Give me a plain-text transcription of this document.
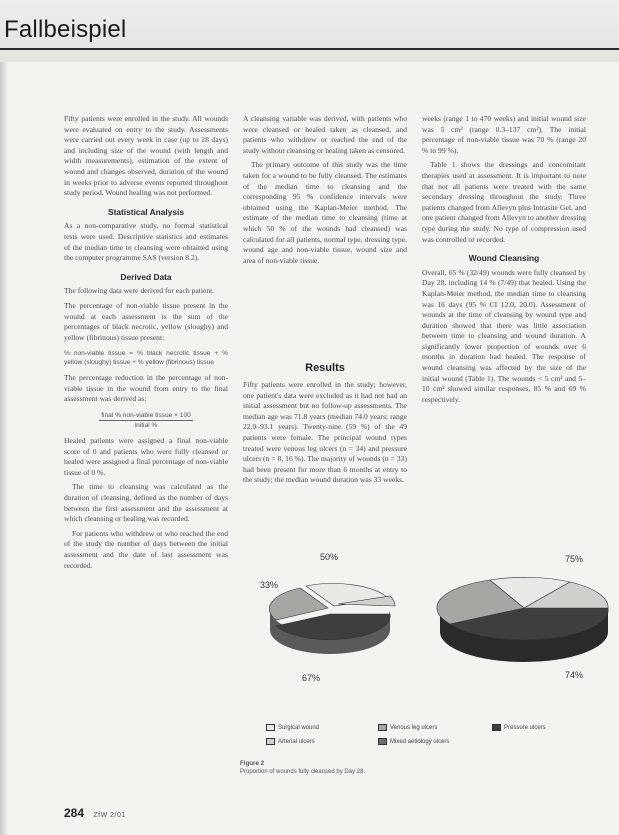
Fallbeispiel

Fifty patients were enrolled in the study. All wounds were evaluated on entry to the study. Assessments were carried out every week in case (up to 28 days) and including size of the wound (with length and width measurements), estimation of the extent of wound and changes observed, duration of the wound in weeks prior to adverse events reported throughout study period. Wound healing was not performed.

Statistical Analysis

As a non-comparative study, no formal statistical tests were used. Descriptive statistics and estimates of the median time to cleansing were obtained using the computer programme SAS (version 8.2).

Derived Data

The following data were derived for each patient.

The percentage of non-viable tissue present in the wound at each assessment is the sum of the percentages of black necrotic, yellow (sloughy) and yellow (fibrinous) tissue present:

% non-viable tissue = % black necrotic tissue + % yellow (sloughy) tissue + % yellow (fibrinous) tissue

The percentage reduction in the percentage of non-viable tissue in the wound from entry to the final assessment was derived as:

$\frac{\text{final \% non-viable tissue × 100}}{\text{initial \%}}$

Healed patients were assigned a final non-viable score of 0 and patients who were fully cleansed or healed were assigned a final percentage of non-viable tissue of 0 %.

The time to cleansing was calculated as the duration of cleansing, defined as the number of days between the first assessment and the assessment at which cleansing or healing was recorded.

For patients who withdrew or who reached the end of the study the number of days between the initial assessment and the date of last assessment was recorded.

A cleansing variable was derived, with patients who were cleansed or healed taken as cleansed, and patients who withdrew or reached the end of the study without cleansing or healing taken as censored.

The primary outcome of this study was the time taken for a wound to be fully cleansed. The estimates of the median time to cleansing and the corresponding 95 % confidence intervals were obtained using the Kaplan-Meier method. The estimate of the median time to cleansing (time at which 50 % of the wounds had cleansed) was calculated for all patients, normal type, dressing type, wound age and non-viable tissue, wound size and area of non-viable tissue.

Results

Fifty patients were enrolled in the study; however, one patient's data were excluded as it had not had an initial assessment but no follow-up assessments. The median age was 71.8 years (median 74.0 years; range 22.0–93.1 years). Twenty-nine (59 %) of the 49 patients were female. The principal wound types treated were venous leg ulcers (n = 34) and pressure ulcers (n = 8, 16 %). The majority of wounds (n = 33) had been present for more than 6 months at entry to the study; the median wound duration was 33 weeks.

weeks (range 1 to 470 weeks) and initial wound size was 5 cm² (range 0.3–137 cm²). The initial percentage of non-viable tissue was 70 % (range 20 % to 99 %).

Table 1 shows the dressings and concomitant therapies used at assessment. It is important to note that not all patients were treated with the same secondary dressing throughout the study. Three patients changed from Allevyn plus Intrasite Gel, and one patient changed from Allevyn to another dressing type during the study. No type of compression used was controlled or recorded.

Wound Cleansing

Overall, 65 % (32/49) wounds were fully cleansed by Day 28, including 14 % (7/49) that healed. Using the Kaplan-Meier method, the median time to cleansing was 16 days (95 % CI 12.0, 20.0). Assessment of wounds at the time of cleansing by wound type and duration showed that there was little association between time to cleansing and wound duration. A significantly lower proportion of wounds over 6 months in duration had healed. The response of wound cleansing was affected by the size of the initial wound (Table 1). The wounds < 5 cm² and 5–10 cm² showed similar responses, 85 % and 69 % respectively.

50%	75%
33%
67%	74%
Surgical wound	Venous leg ulcers	Pressure ulcers
Arterial ulcers	Mixed aetiology ulcers
Figure 2
Proportion of wounds fully cleansed by Day 28.
284 ZfW 2/01
